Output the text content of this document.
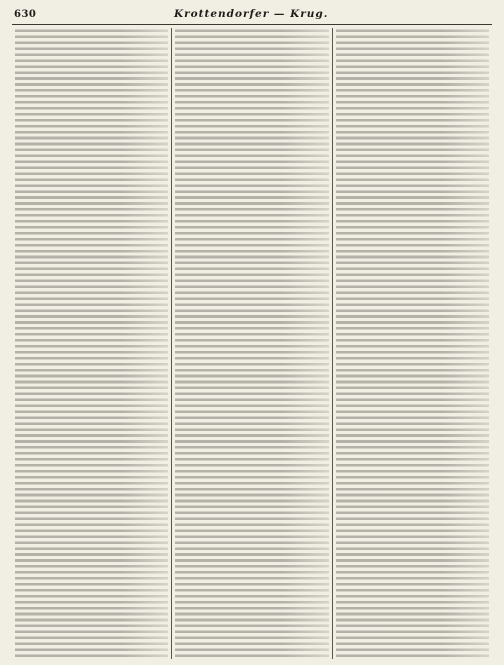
630	Krottendorfer — Krug.
